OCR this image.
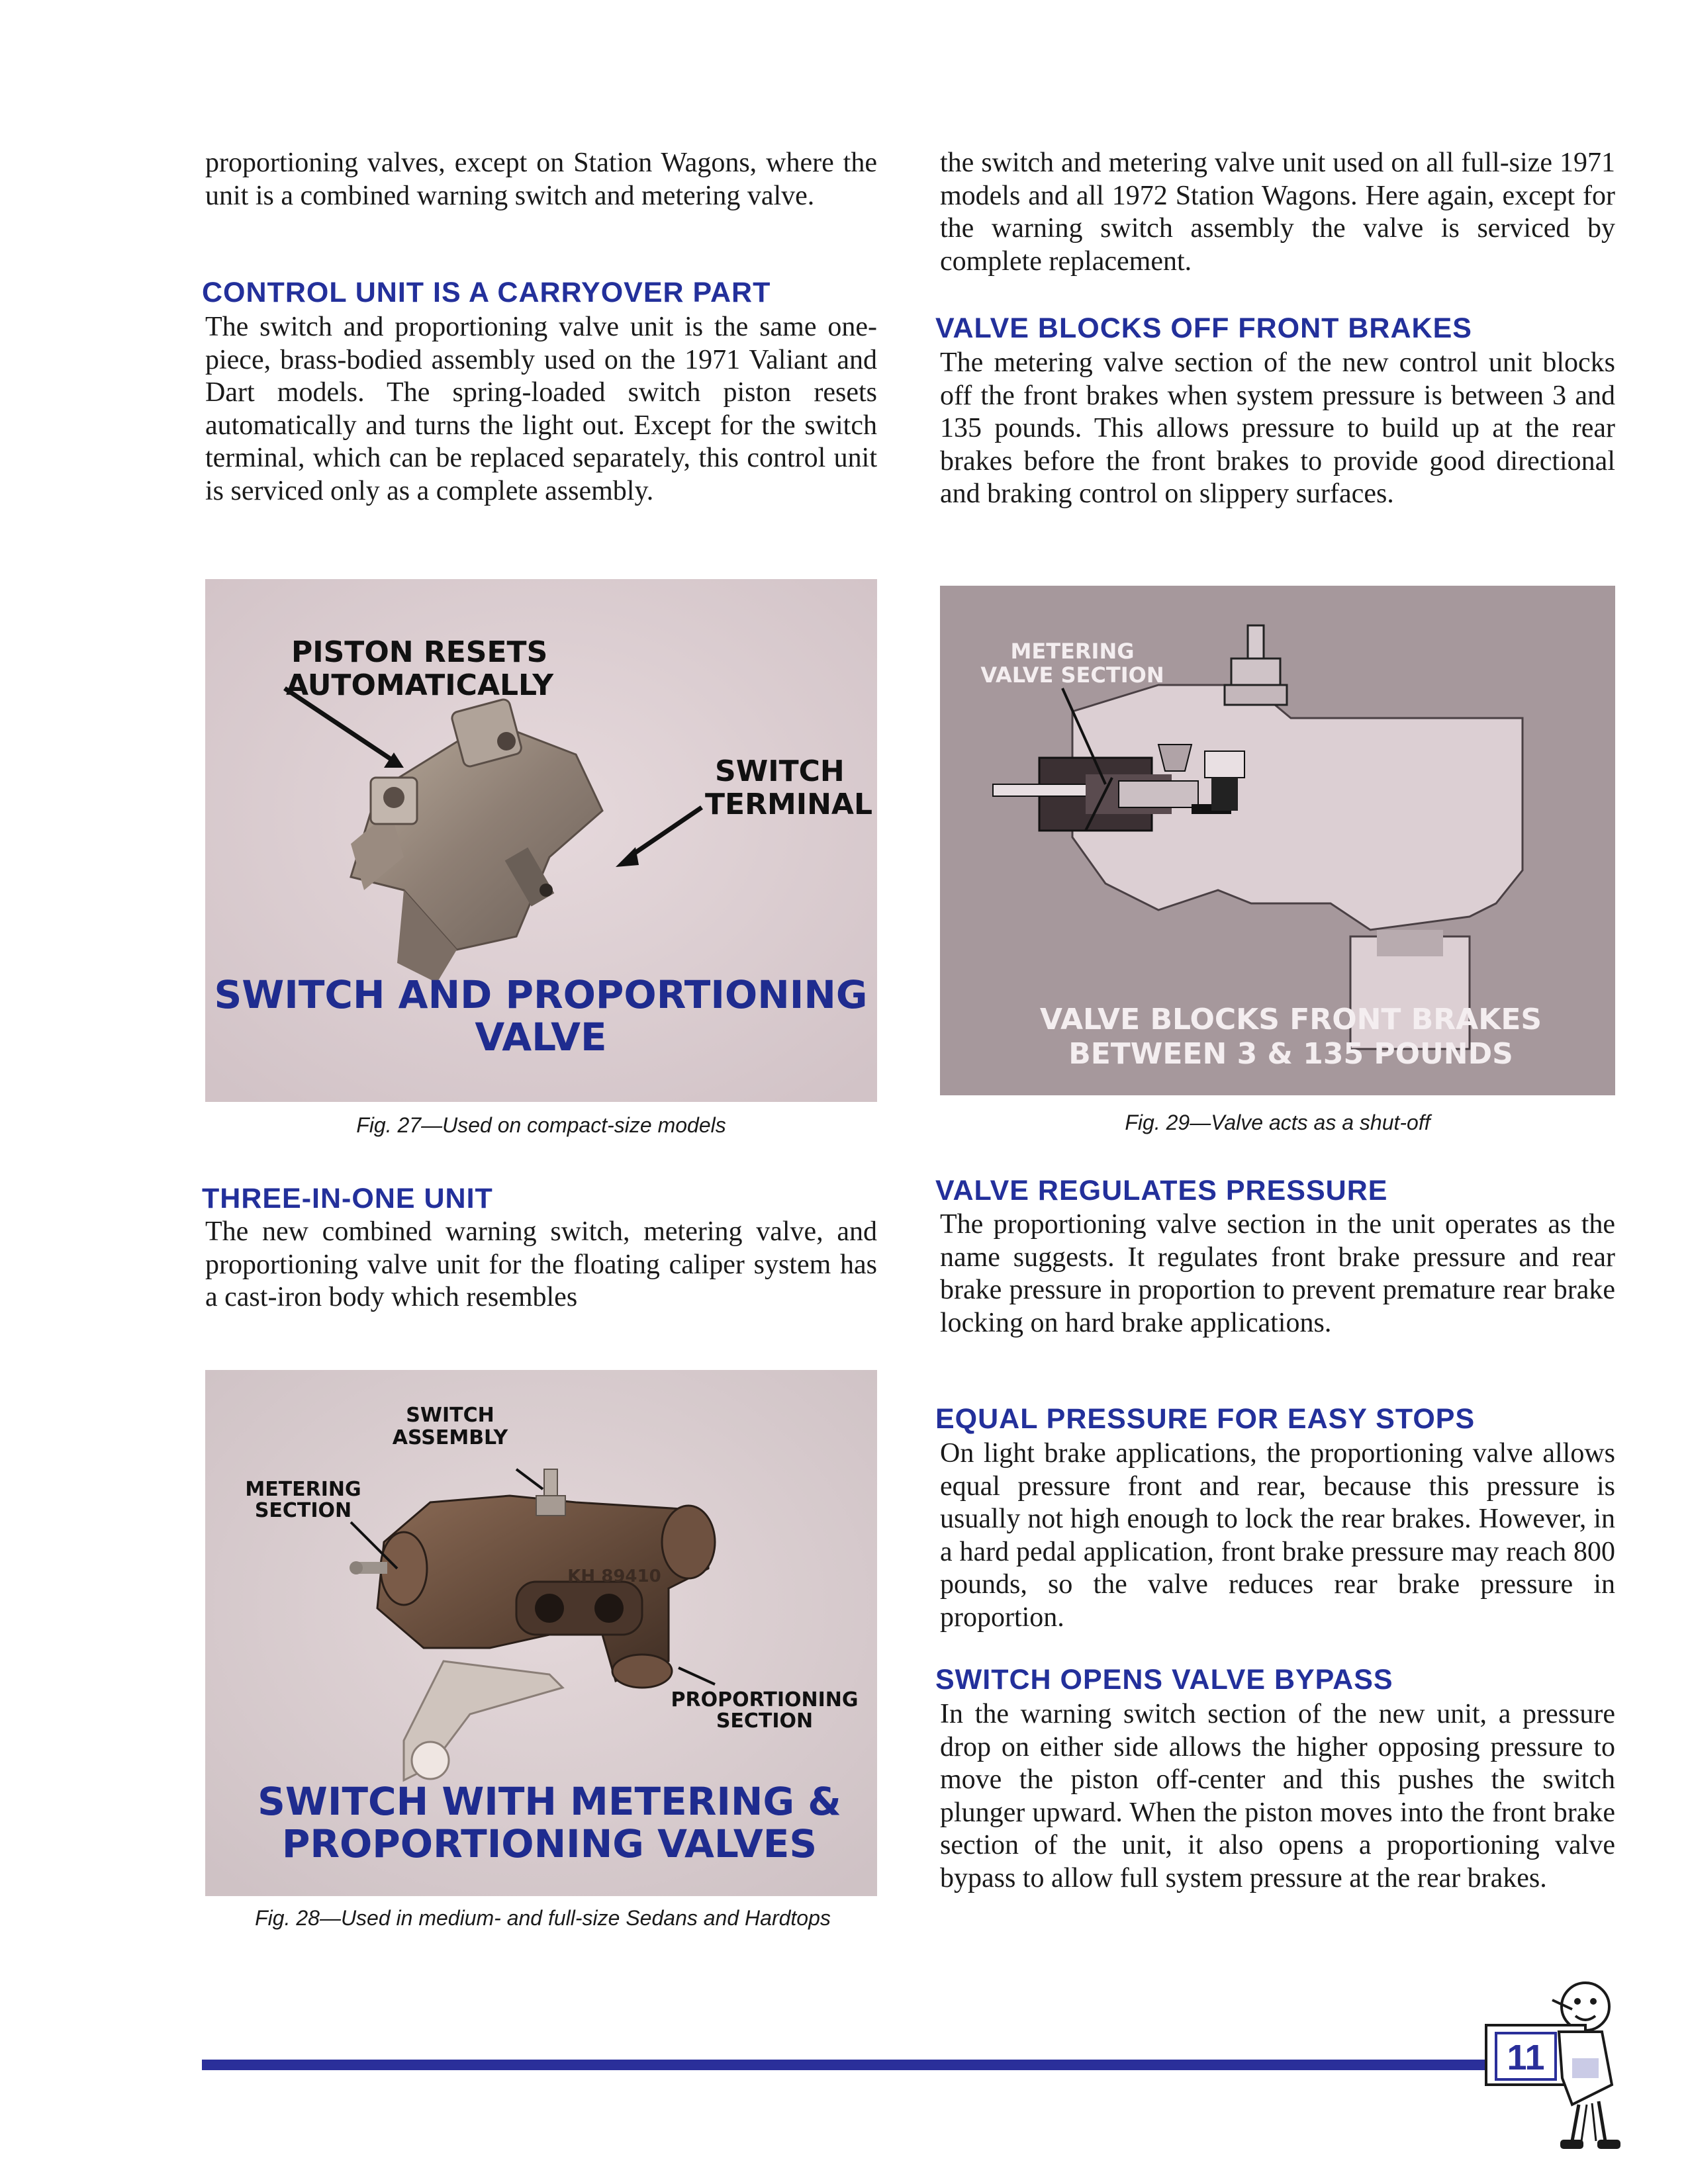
proportioning valves, except on Station Wagons, where the unit is a combined warning switch and metering valve.

CONTROL UNIT IS A CARRYOVER PART

The switch and proportioning valve unit is the same one-piece, brass-bodied assembly used on the 1971 Valiant and Dart models. The spring-loaded switch piston resets automatically and turns the light out. Except for the switch terminal, which can be replaced separately, this control unit is serviced only as a complete assembly.

PISTON RESETS
AUTOMATICALLY
SWITCH
TERMINAL
SWITCH AND PROPORTIONING
VALVE

Fig. 27—Used on compact-size models

THREE-IN-ONE UNIT

The new combined warning switch, metering valve, and proportioning valve unit for the floating caliper system has a cast-iron body which resembles

SWITCH
ASSEMBLY
METERING
SECTION
KH 89410
PROPORTIONING
SECTION
SWITCH WITH METERING &
PROPORTIONING VALVES

Fig. 28—Used in medium- and full-size Sedans and Hardtops

the switch and metering valve unit used on all full-size 1971 models and all 1972 Station Wagons. Here again, except for the warning switch assembly the valve is serviced by complete replacement.

VALVE BLOCKS OFF FRONT BRAKES

The metering valve section of the new control unit blocks off the front brakes when system pressure is between 3 and 135 pounds. This allows pressure to build up at the rear brakes before the front brakes to provide good directional and braking control on slippery surfaces.

METERING
VALVE SECTION
VALVE BLOCKS FRONT BRAKES
BETWEEN 3 & 135 POUNDS

Fig. 29—Valve acts as a shut-off

VALVE REGULATES PRESSURE

The proportioning valve section in the unit operates as the name suggests. It regulates front brake pressure and rear brake pressure in proportion to prevent premature rear brake locking on hard brake applications.

EQUAL PRESSURE FOR EASY STOPS

On light brake applications, the proportioning valve allows equal pressure front and rear, because this pressure is usually not high enough to lock the rear brakes. However, in a hard pedal application, front brake pressure may reach 800 pounds, so the valve reduces rear brake pressure in proportion.

SWITCH OPENS VALVE BYPASS

In the warning switch section of the new unit, a pressure drop on either side allows the higher opposing pressure to move the piston off-center and this pushes the switch plunger upward. When the piston moves into the front brake section of the unit, it also opens a proportioning valve bypass to allow full system pressure at the rear brakes.

11
